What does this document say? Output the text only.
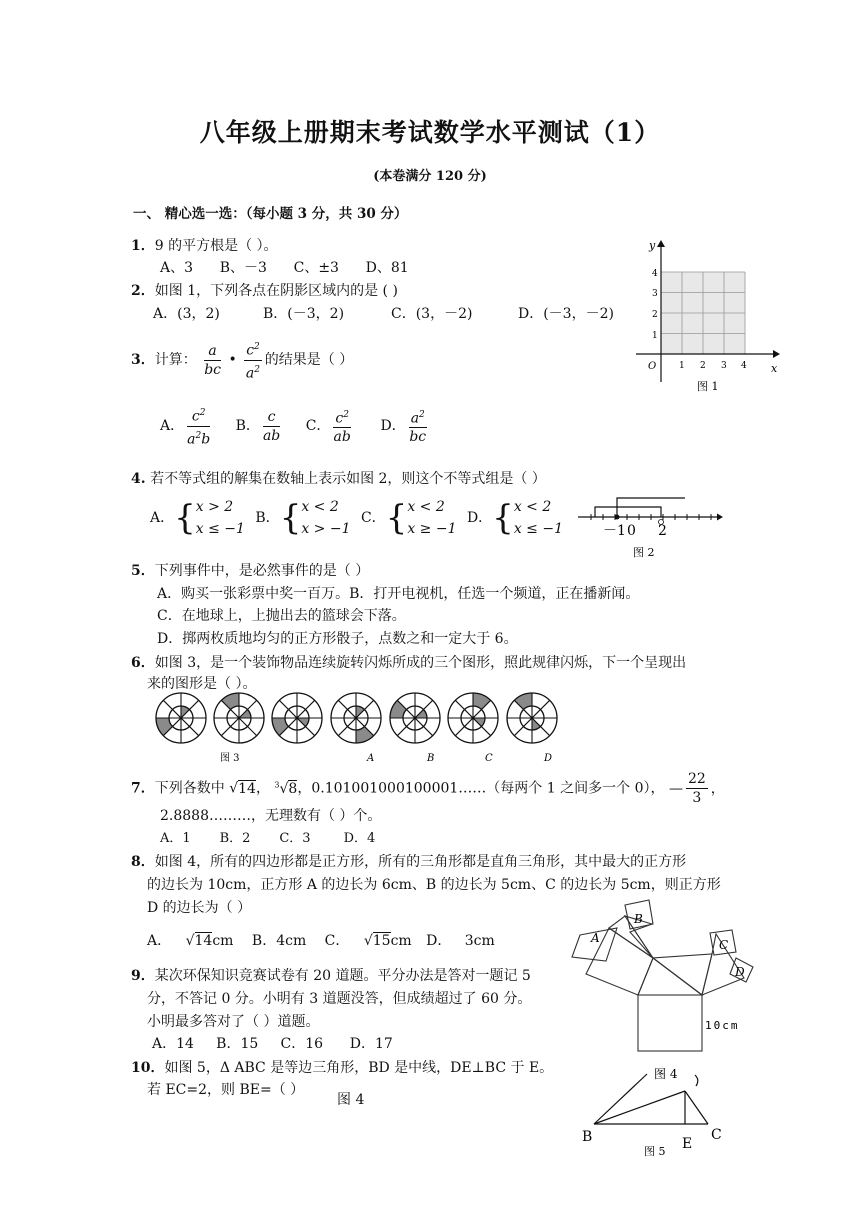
八年级上册期末考试数学水平测试（1）
(本卷满分 120 分)
一、 精心选一选：（每小题 3 分，共 30 分）
1．9 的平方根是（ ）。
A、3      B、－3      C、±3      D、81
2．如图 1，下列各点在阴影区域内的是 ( )
A．(3，2)	B．(－3，2)	C．(3，－2)	D．(－3，－2)
3．计算： $\frac{a}{bc}$ • $\frac{c^2}{a^2}$ 的结果是（ ）
A． $\frac{c^2}{a^2b}$ B． $\frac{c}{ab}$ C． $\frac{c^2}{ab}$ D． $\frac{a^2}{bc}$
4. 若不等式组的解集在数轴上表示如图 2，则这个不等式组是（ ）
A．{ x > 2
x ≤ −1
B．{ x < 2
x > −1
C．{ x < 2
x ≥ −1
D．{ x < 2
x ≤ −1
5．下列事件中，是必然事件的是（ ）
A．购买一张彩票中奖一百万。B．打开电视机，任选一个频道，正在播新闻。
C．在地球上，上抛出去的篮球会下落。
D．掷两枚质地均匀的正方形骰子，点数之和一定大于 6。
6．如图 3，是一个装饰物品连续旋转闪烁所成的三个图形，照此规律闪烁，下一个呈现出
来的图形是（ ）。
图 3	A	B	C	D
7．下列各数中 √14， $^3$√8，0.101001000100001……（每两个 1 之间多一个 0）， — $\frac{22}{3}$ ，
2.8888………，无理数有（ ）个。
A．1       B．2       C．3        D．4
8．如图 4，所有的四边形都是正方形，所有的三角形都是直角三角形，其中最大的正方形
的边长为 10cm，正方形 A 的边长为 6cm、B 的边长为 5cm、C 的边长为 5cm，则正方形
D 的边长为（ ）
A． √14cm B．4cm C． √15cm D．   3cm
9．某次环保知识竞赛试卷有 20 道题。平分办法是答对一题记 5
分，不答记 0 分。小明有 3 道题没答，但成绩超过了 60 分。
小明最多答对了（ ）道题。
A．14     B．15     C．16      D．17
10．如图 5，Δ ABC 是等边三角形，BD 是中线，DE⊥BC 于 E。
若 EC=2，则 BE=（ ）
图 4
y
x
O	1 2 3 4
1
2
3
4
图 1
－1 0 2
图 2
A
B
C
D
10cm
图 4
B	E
C
图 5
